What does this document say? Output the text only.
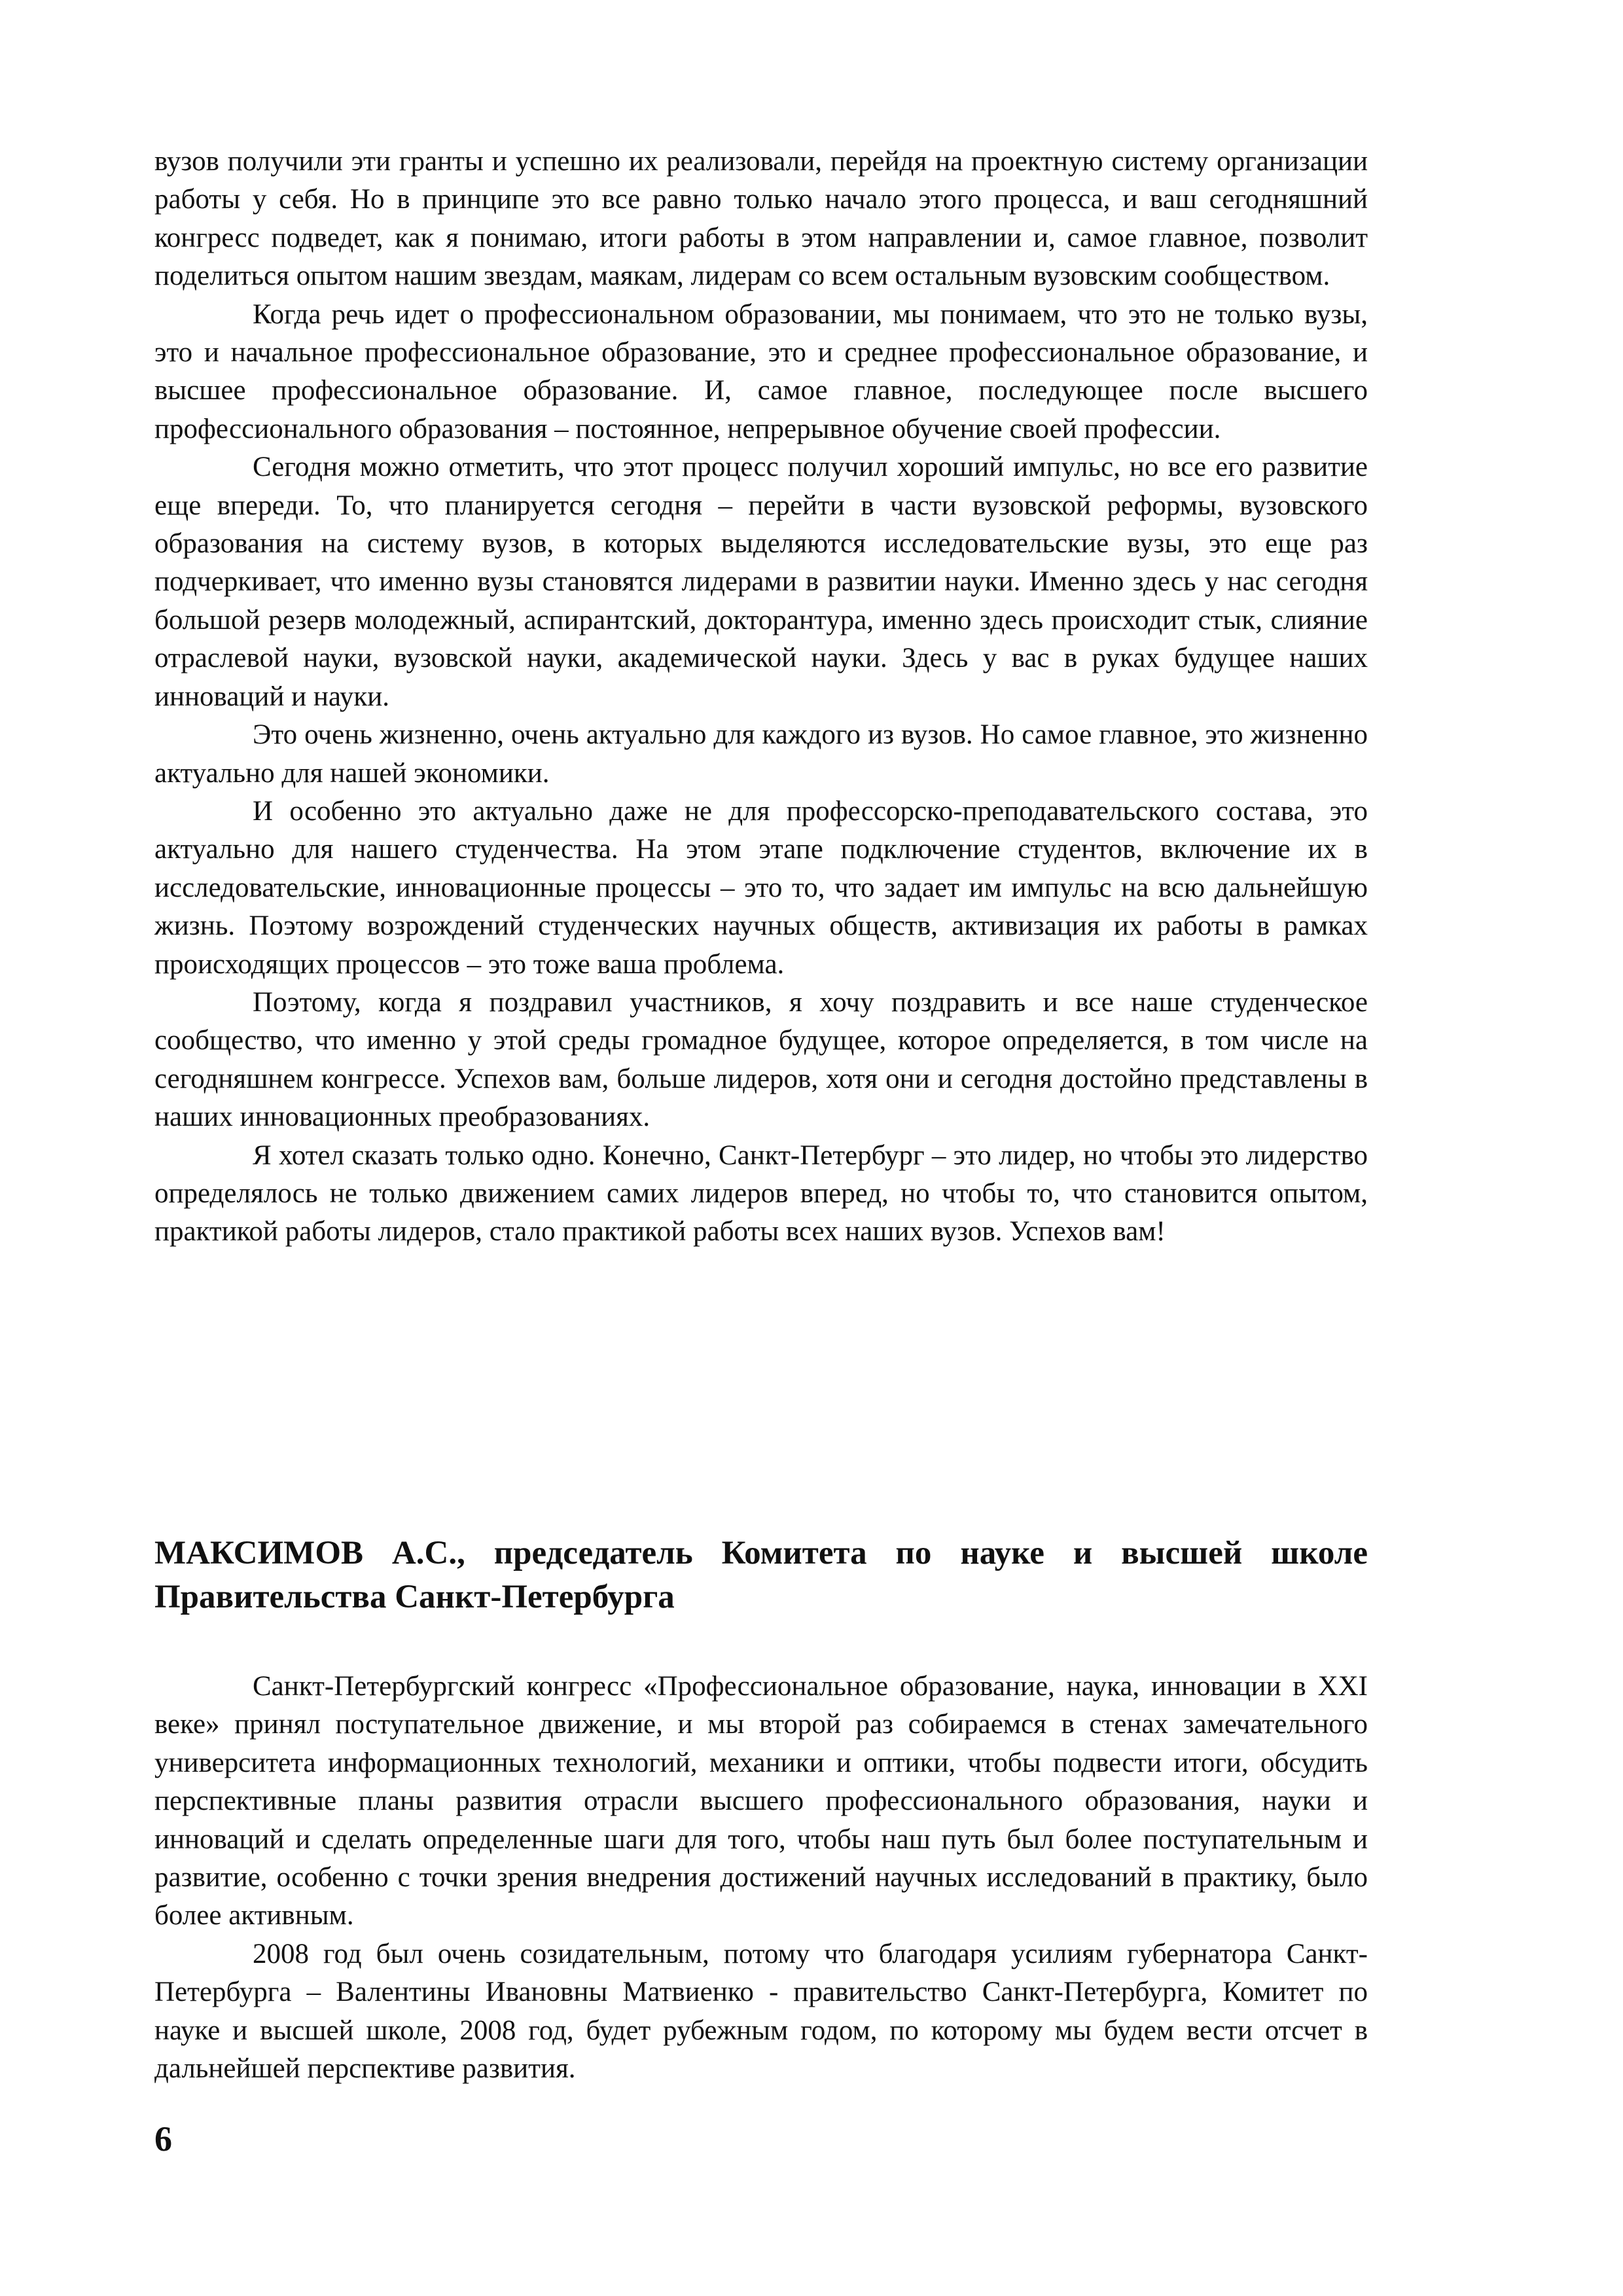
вузов получили эти гранты и успешно их реализовали, перейдя на проектную систему организации работы у себя. Но в принципе это все равно только начало этого процесса, и ваш сегодняшний конгресс подведет, как я понимаю, итоги работы в этом направлении и, самое главное, позволит поделиться опытом нашим звездам, маякам, лидерам со всем остальным вузовским сообществом.

Когда речь идет о профессиональном образовании, мы понимаем, что это не только вузы, это и начальное профессиональное образование, это и среднее профессиональное образование, и высшее профессиональное образование. И, самое главное, последующее после высшего профессионального образования – постоянное, непрерывное обучение своей профессии.

Сегодня можно отметить, что этот процесс получил хороший импульс, но все его развитие еще впереди. То, что планируется сегодня – перейти в части вузовской реформы, вузовского образования на систему вузов, в которых выделяются исследовательские вузы, это еще раз подчеркивает, что именно вузы становятся лидерами в развитии науки. Именно здесь у нас сегодня большой резерв молодежный, аспирантский, докторантура, именно здесь происходит стык, слияние отраслевой науки, вузовской науки, академической науки. Здесь у вас в руках будущее наших инноваций и науки.

Это очень жизненно, очень актуально для каждого из вузов. Но самое главное, это жизненно актуально для нашей экономики.

И особенно это актуально даже не для профессорско-преподавательского состава, это актуально для нашего студенчества. На этом этапе подключение студентов, включение их в исследовательские, инновационные процессы – это то, что задает им импульс на всю дальнейшую жизнь. Поэтому возрождений студенческих научных обществ, активизация их работы в рамках происходящих процессов – это тоже ваша проблема.

Поэтому, когда я поздравил участников, я хочу поздравить и все наше студенческое сообщество, что именно у этой среды громадное будущее, которое определяется, в том числе на сегодняшнем конгрессе. Успехов вам, больше лидеров, хотя они и сегодня достойно представлены в наших инновационных преобразованиях.

Я хотел сказать только одно. Конечно, Санкт-Петербург – это лидер, но чтобы это лидерство определялось не только движением самих лидеров вперед, но чтобы то, что становится опытом, практикой работы лидеров, стало практикой работы всех наших вузов. Успехов вам!

МАКСИМОВ А.С., председатель Комитета по науке и высшей школе Правительства Санкт-Петербурга

Санкт-Петербургский конгресс «Профессиональное образование, наука, инновации в XXI веке» принял поступательное движение, и мы второй раз собираемся в стенах замечательного университета информационных технологий, механики и оптики, чтобы подвести итоги, обсудить перспективные планы развития отрасли высшего профессионального образования, науки и инноваций и сделать определенные шаги для того, чтобы наш путь был более поступательным и развитие, особенно с точки зрения внедрения достижений научных исследований в практику, было более активным.

2008 год был очень созидательным, потому что благодаря усилиям губернатора Санкт-Петербурга – Валентины Ивановны Матвиенко - правительство Санкт-Петербурга, Комитет по науке и высшей школе, 2008 год, будет рубежным годом, по которому мы будем вести отсчет в дальнейшей перспективе развития.

6
